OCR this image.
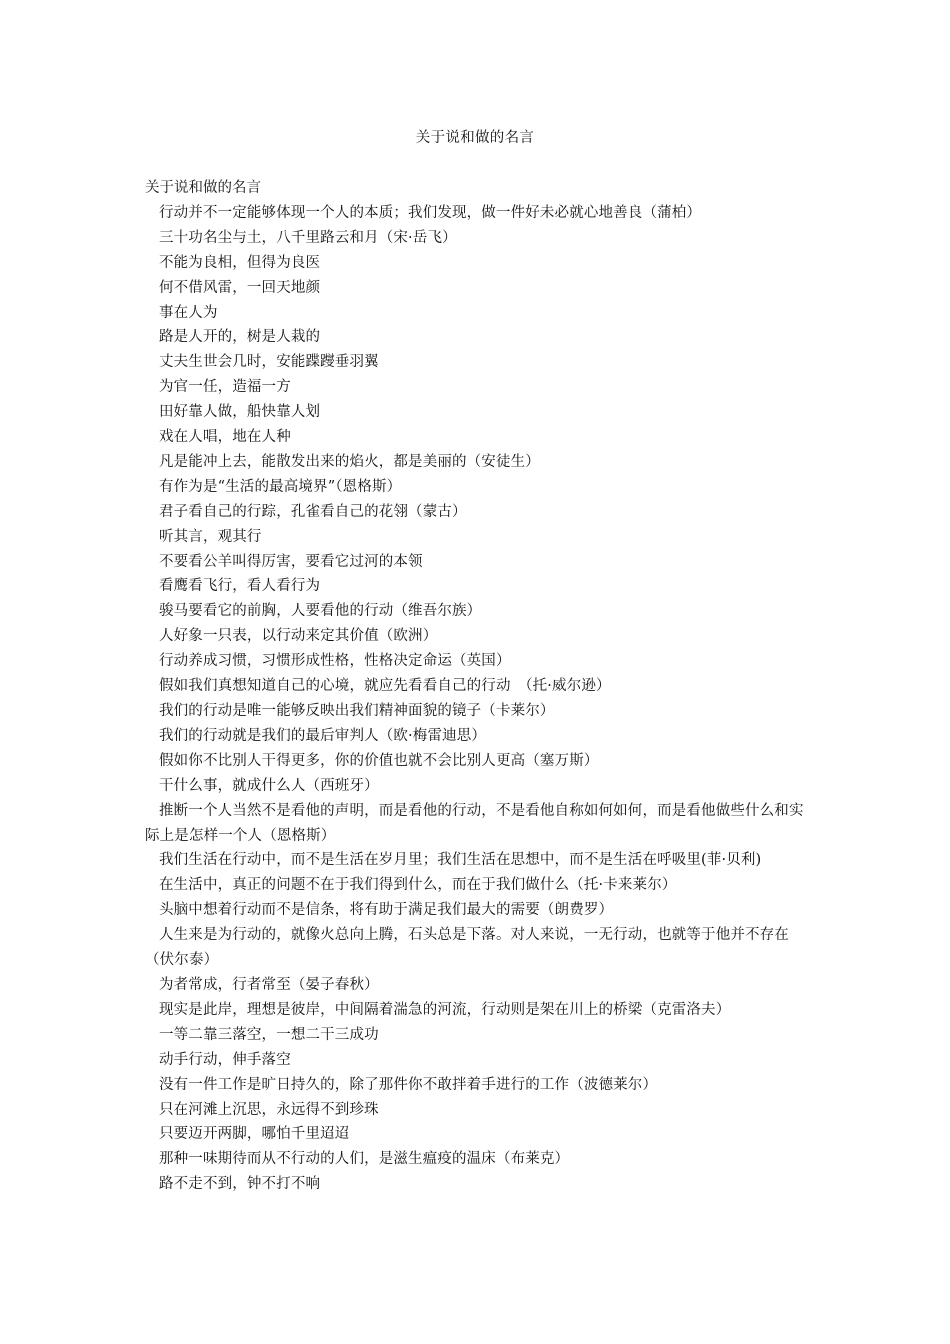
关于说和做的名言
关于说和做的名言

行动并不一定能够体现一个人的本质；我们发现，做一件好未必就心地善良（蒲柏）

三十功名尘与土，八千里路云和月（宋·岳飞）

不能为良相，但得为良医

何不借风雷，一回天地颜

事在人为

路是人开的，树是人栽的

丈夫生世会几时，安能蹀躞垂羽翼

为官一任，造福一方

田好靠人做，船快靠人划

戏在人唱，地在人种

凡是能冲上去，能散发出来的焰火，都是美丽的（安徒生）

有作为是“生活的最高境界”（恩格斯）

君子看自己的行踪，孔雀看自己的花翎（蒙古）

听其言，观其行

不要看公羊叫得厉害，要看它过河的本领

看鹰看飞行，看人看行为

骏马要看它的前胸，人要看他的行动（维吾尔族）

人好象一只表，以行动来定其价值（欧洲）

行动养成习惯，习惯形成性格，性格决定命运（英国）

假如我们真想知道自己的心境，就应先看看自己的行动　（托·威尔逊）

我们的行动是唯一能够反映出我们精神面貌的镜子（卡莱尔）

我们的行动就是我们的最后审判人（欧·梅雷迪思）

假如你不比别人干得更多，你的价值也就不会比别人更高（塞万斯）

干什么事，就成什么人（西班牙）

推断一个人当然不是看他的声明，而是看他的行动，不是看他自称如何如何，而是看他做些什么和实际上是怎样一个人（恩格斯）

我们生活在行动中，而不是生活在岁月里；我们生活在思想中，而不是生活在呼吸里(菲·贝利)

在生活中，真正的问题不在于我们得到什么，而在于我们做什么（托·卡来莱尔）

头脑中想着行动而不是信条，将有助于满足我们最大的需要（朗费罗）

人生来是为行动的，就像火总向上腾，石头总是下落。对人来说，一无行动，也就等于他并不存在（伏尔泰）

为者常成，行者常至（晏子春秋）

现实是此岸，理想是彼岸，中间隔着湍急的河流，行动则是架在川上的桥梁（克雷洛夫）

一等二靠三落空，一想二干三成功

动手行动，伸手落空

没有一件工作是旷日持久的，除了那件你不敢拌着手进行的工作（波德莱尔）

只在河滩上沉思，永远得不到珍珠

只要迈开两脚，哪怕千里迢迢

那种一味期待而从不行动的人们，是滋生瘟疫的温床（布莱克）

路不走不到，钟不打不响
